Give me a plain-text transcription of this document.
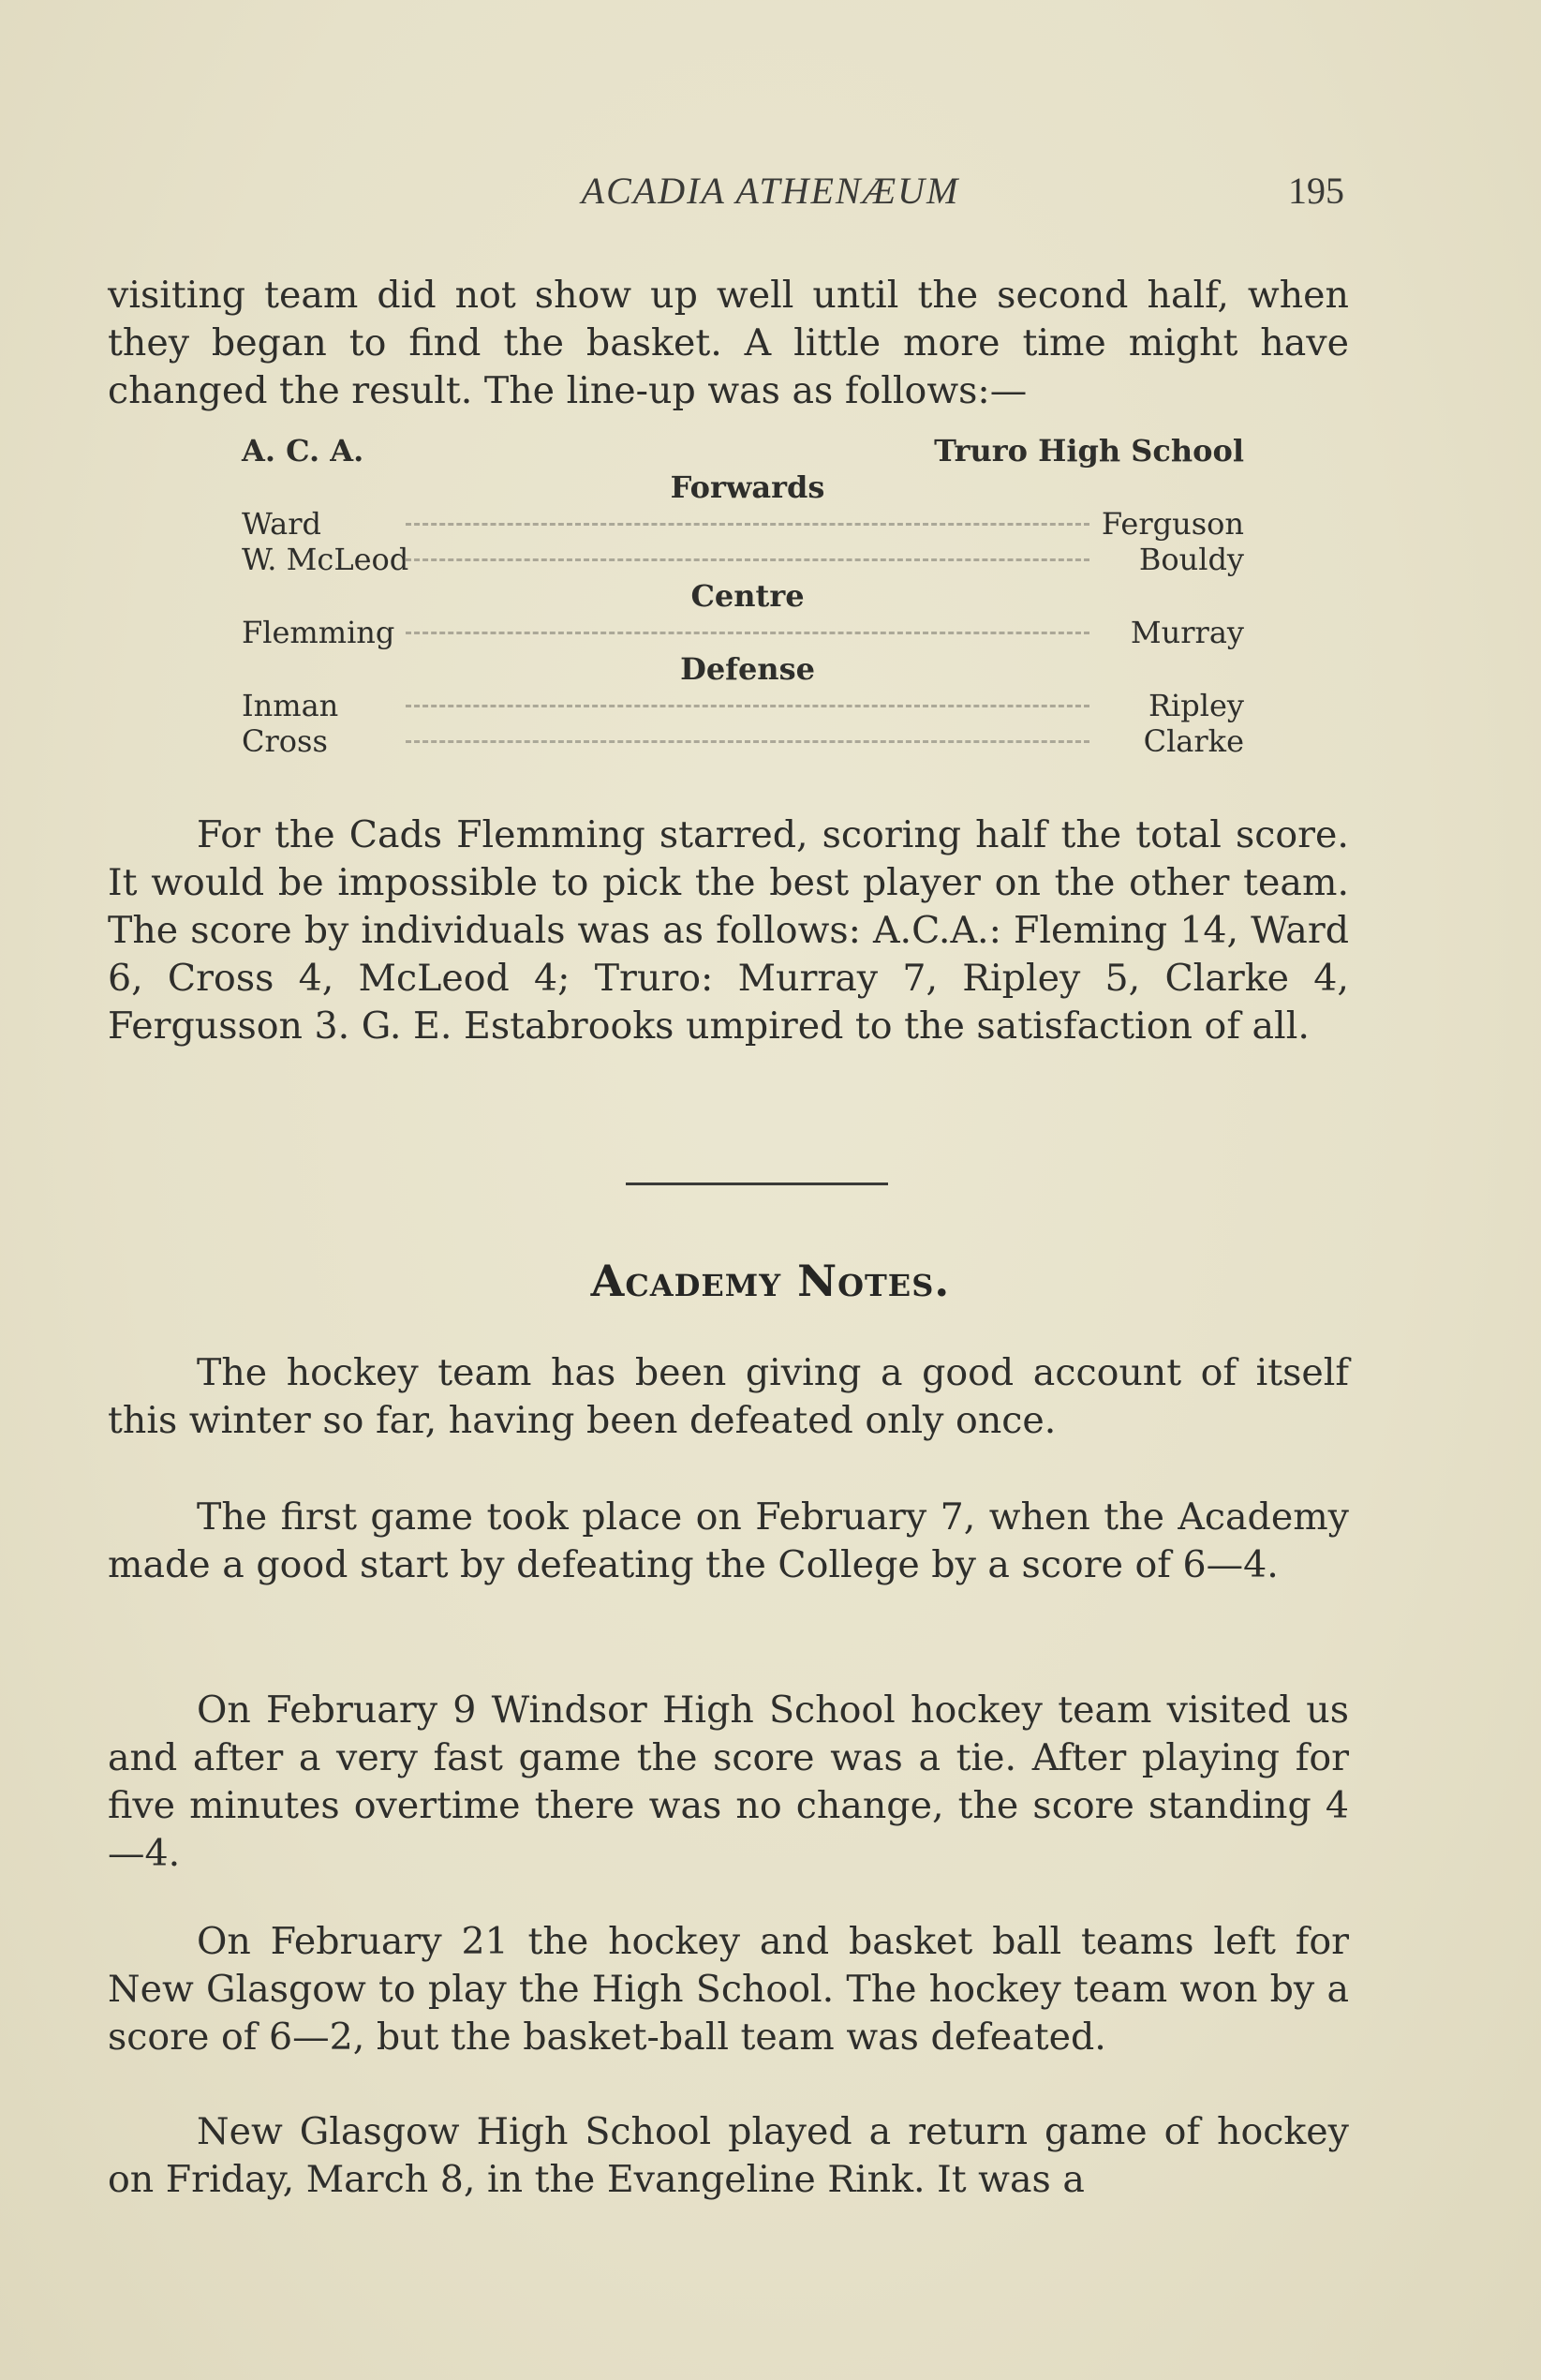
ACADIA ATHENÆUM	195

visiting team did not show up well until the second half, when they began to find the basket. A little more time might have changed the result. The line-up was as follows:—

A. C. A.	Truro High School
Forwards
Ward	Ferguson
W. McLeod	Bouldy
Centre
Flemming	Murray
Defense
Inman	Ripley
Cross	Clarke

For the Cads Flemming starred, scoring half the total score. It would be impossible to pick the best player on the other team. The score by individuals was as follows: A.C.A.: Fleming 14, Ward 6, Cross 4, McLeod 4; Truro: Murray 7, Ripley 5, Clarke 4, Fergusson 3. G. E. Estabrooks umpired to the satisfaction of all.

Academy Notes.

The hockey team has been giving a good account of itself this winter so far, having been defeated only once.

The first game took place on February 7, when the Academy made a good start by defeating the College by a score of 6—4.

On February 9 Windsor High School hockey team visited us and after a very fast game the score was a tie. After playing for five minutes overtime there was no change, the score standing 4—4.

On February 21 the hockey and basket ball teams left for New Glasgow to play the High School. The hockey team won by a score of 6—2, but the basket-ball team was defeated.

New Glasgow High School played a return game of hockey on Friday, March 8, in the Evangeline Rink. It was a
